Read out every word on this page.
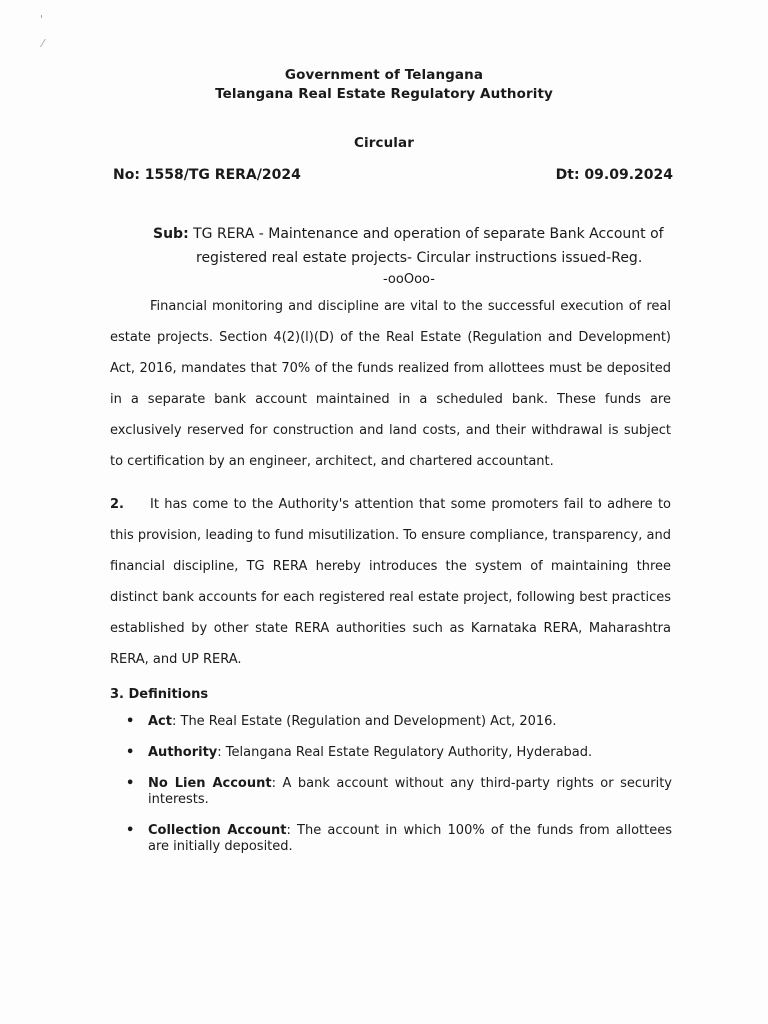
'
⁄
Government of Telangana
Telangana Real Estate Regulatory Authority
Circular
No: 1558/TG RERA/2024	Dt: 09.09.2024
Sub: TG RERA - Maintenance and operation of separate Bank Account of
registered real estate projects- Circular instructions issued-Reg.
-ooOoo-
Financial monitoring and discipline are vital to the successful execution of real estate projects. Section 4(2)(l)(D) of the Real Estate (Regulation and Development) Act, 2016, mandates that 70% of the funds realized from allottees must be deposited in a separate bank account maintained in a scheduled bank. These funds are exclusively reserved for construction and land costs, and their withdrawal is subject to certification by an engineer, architect, and chartered accountant.
2. It has come to the Authority's attention that some promoters fail to adhere to this provision, leading to fund misutilization. To ensure compliance, transparency, and financial discipline, TG RERA hereby introduces the system of maintaining three distinct bank accounts for each registered real estate project, following best practices established by other state RERA authorities such as Karnataka RERA, Maharashtra RERA, and UP RERA.
3. Definitions
• Act: The Real Estate (Regulation and Development) Act, 2016.
• Authority: Telangana Real Estate Regulatory Authority, Hyderabad.
• No Lien Account: A bank account without any third-party rights or security interests.
• Collection Account: The account in which 100% of the funds from allottees are initially deposited.
